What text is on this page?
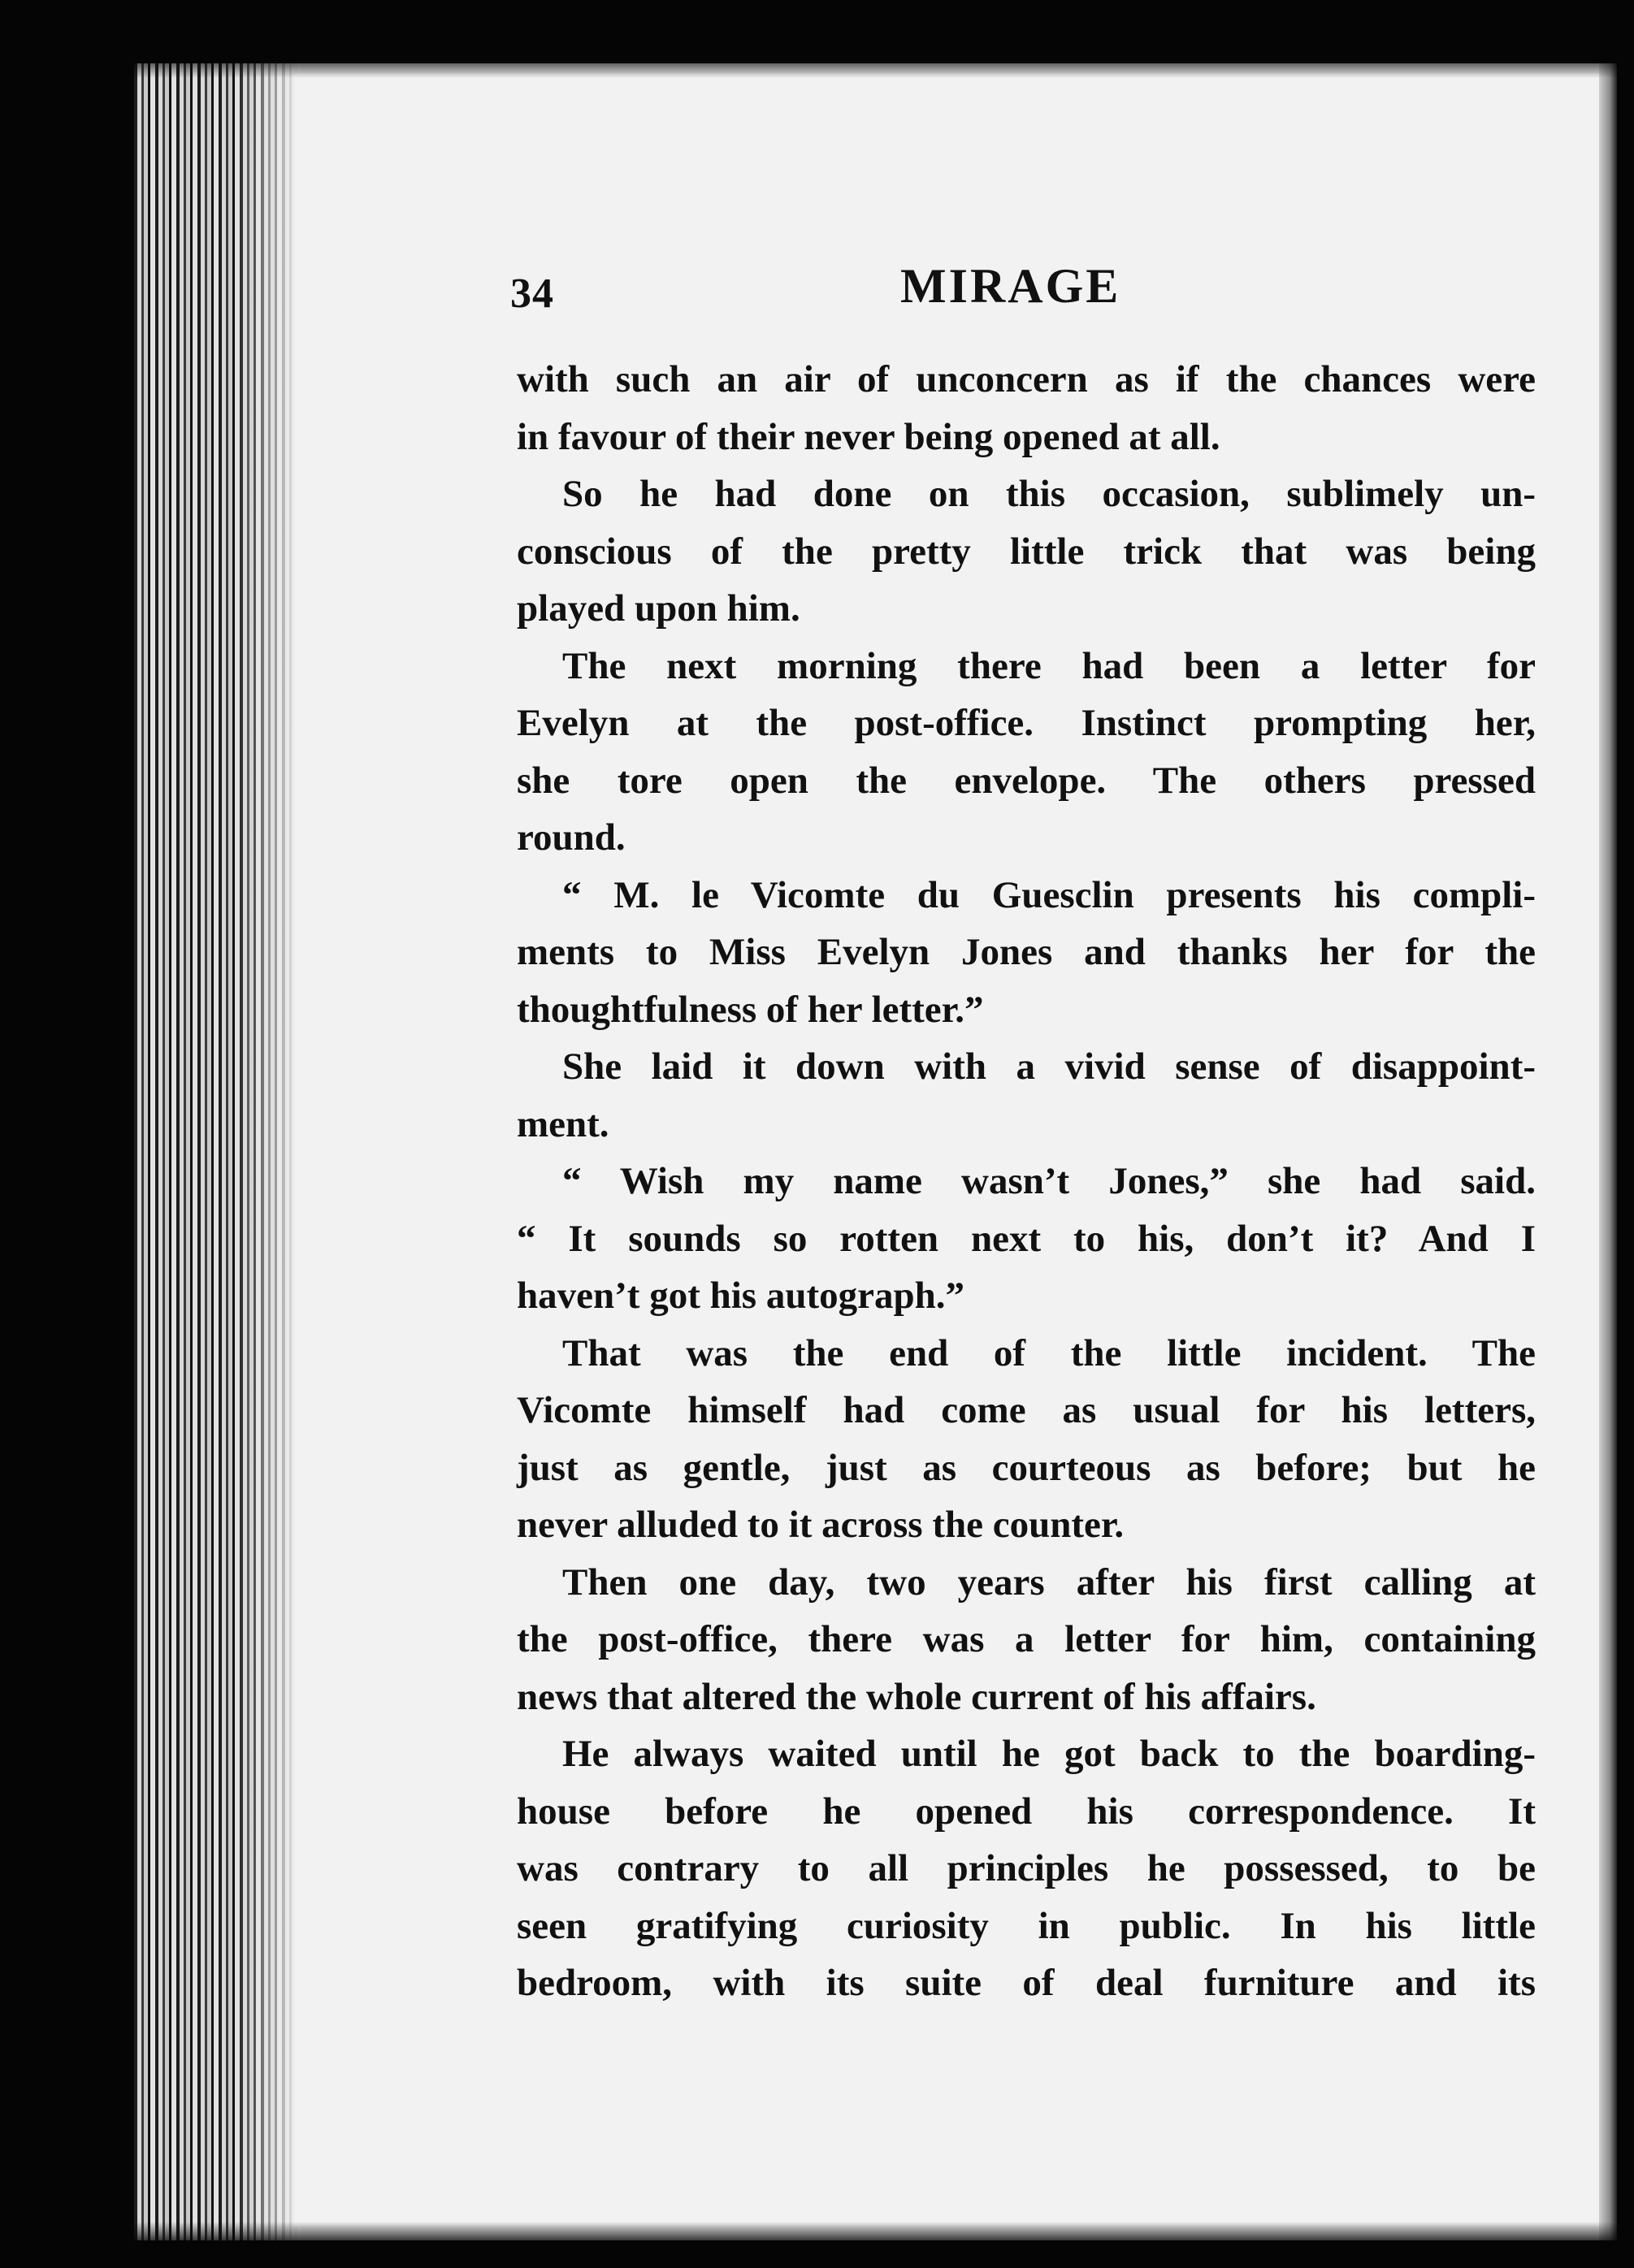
34	MIRAGE
with such an air of unconcern as if the chances were
in favour of their never being opened at all.
So he had done on this occasion, sublimely un-
conscious of the pretty little trick that was being
played upon him.
The next morning there had been a letter for
Evelyn at the post-office. Instinct prompting her,
she tore open the envelope. The others pressed
round.
“ M. le Vicomte du Guesclin presents his compli-
ments to Miss Evelyn Jones and thanks her for the
thoughtfulness of her letter.”
She laid it down with a vivid sense of disappoint-
ment.
“ Wish my name wasn’t Jones,” she had said.
“ It sounds so rotten next to his, don’t it? And I
haven’t got his autograph.”
That was the end of the little incident. The
Vicomte himself had come as usual for his letters,
just as gentle, just as courteous as before; but he
never alluded to it across the counter.
Then one day, two years after his first calling at
the post-office, there was a letter for him, containing
news that altered the whole current of his affairs.
He always waited until he got back to the boarding-
house before he opened his correspondence. It
was contrary to all principles he possessed, to be
seen gratifying curiosity in public. In his little
bedroom, with its suite of deal furniture and its
